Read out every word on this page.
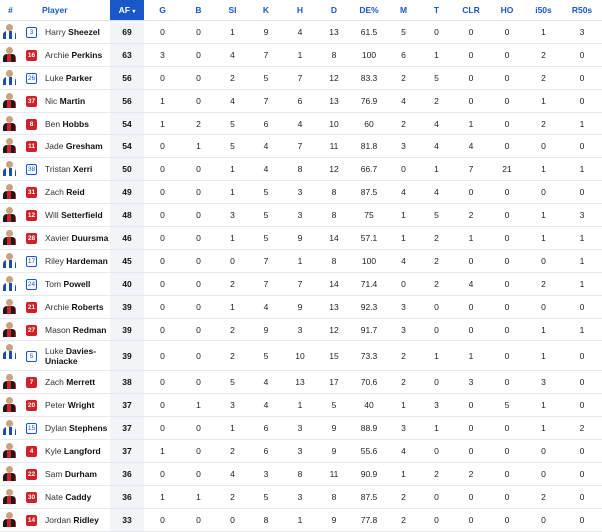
#		Player	AF ▾	G	B	SI	K	H	D	DE%	M	T	CLR	HO	i50s	R50s

	3	Harry Sheezel	69	0	0	1	9	4	13	61.5	5	0	0	0	1	3

	16	Archie Perkins	63	3	0	4	7	1	8	100	6	1	0	0	2	0

	26	Luke Parker	56	0	0	2	5	7	12	83.3	2	5	0	0	2	0

	37	Nic Martin	56	1	0	4	7	6	13	76.9	4	2	0	0	1	0

	8	Ben Hobbs	54	1	2	5	6	4	10	60	2	4	1	0	2	1

	11	Jade Gresham	54	0	1	5	4	7	11	81.8	3	4	4	0	0	0

	38	Tristan Xerri	50	0	0	1	4	8	12	66.7	0	1	7	21	1	1

	31	Zach Reid	49	0	0	1	5	3	8	87.5	4	4	0	0	0	0

	12	Will Setterfield	48	0	0	3	5	3	8	75	1	5	2	0	1	3

	28	Xavier Duursma	46	0	0	1	5	9	14	57.1	1	2	1	0	1	1

	17	Riley Hardeman	45	0	0	0	7	1	8	100	4	2	0	0	0	1

	24	Tom Powell	40	0	0	2	7	7	14	71.4	0	2	4	0	2	1

	21	Archie Roberts	39	0	0	1	4	9	13	92.3	3	0	0	0	0	0

	27	Mason Redman	39	0	0	2	9	3	12	91.7	3	0	0	0	1	1

	5	Luke Davies-Uniacke	39	0	0	2	5	10	15	73.3	2	1	1	0	1	0

	7	Zach Merrett	38	0	0	5	4	13	17	70.6	2	0	3	0	3	0

	20	Peter Wright	37	0	1	3	4	1	5	40	1	3	0	5	1	0

	15	Dylan Stephens	37	0	0	1	6	3	9	88.9	3	1	0	0	1	2

	4	Kyle Langford	37	1	0	2	6	3	9	55.6	4	0	0	0	0	0

	22	Sam Durham	36	0	0	4	3	8	11	90.9	1	2	2	0	0	0

	30	Nate Caddy	36	1	1	2	5	3	8	87.5	2	0	0	0	2	0

	14	Jordan Ridley	33	0	0	0	8	1	9	77.8	2	0	0	0	0	0
